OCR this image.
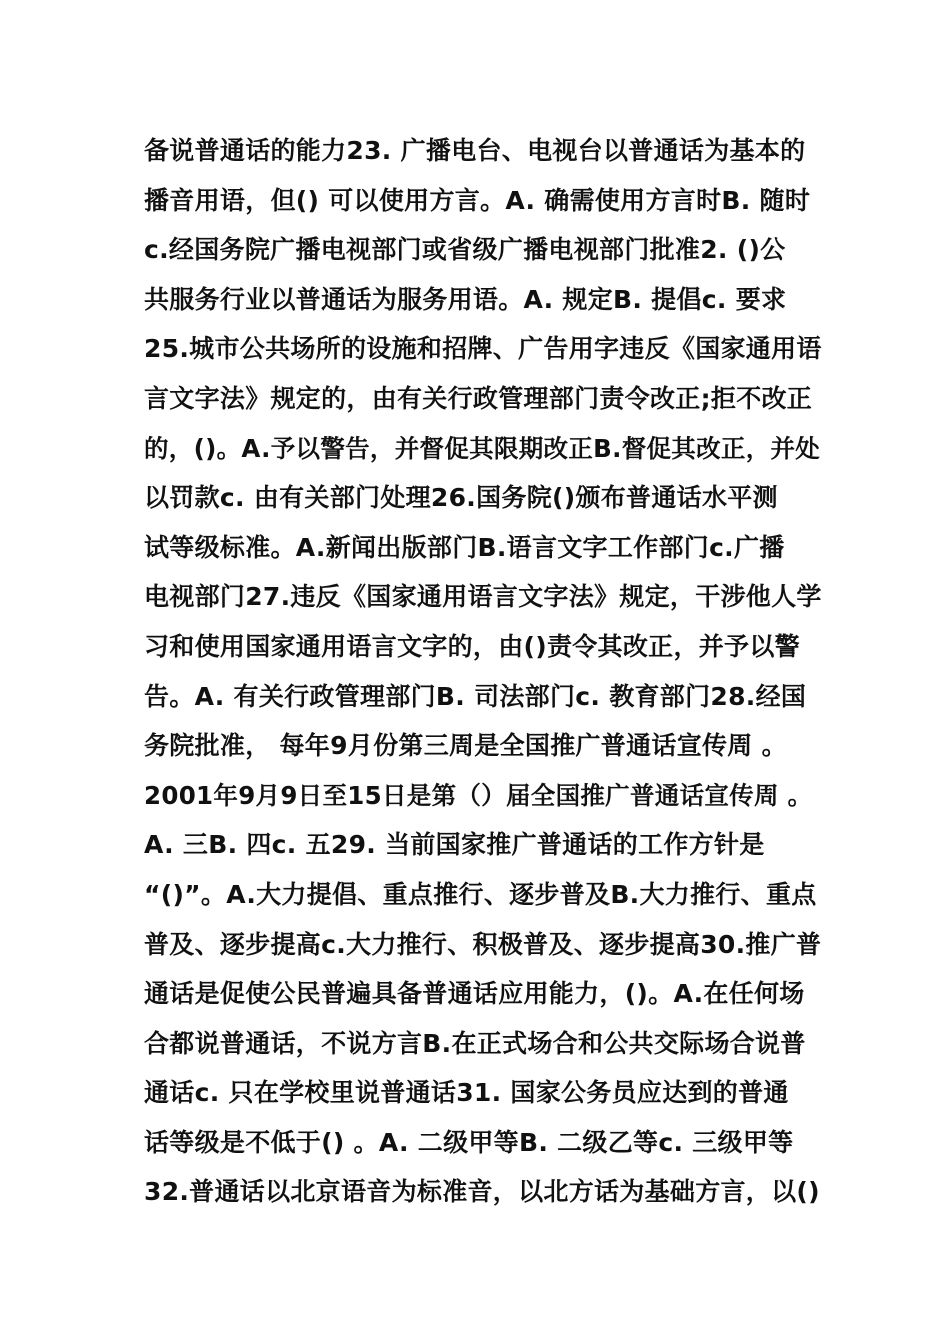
备说普通话的能力23. 广播电台、电视台以普通话为基本的
播音用语，但() 可以使用方言。A. 确需使用方言时B. 随时
c.经国务院广播电视部门或省级广播电视部门批准2. ()公
共服务行业以普通话为服务用语。A. 规定B. 提倡c. 要求
25.城市公共场所的设施和招牌、广告用字违反《国家通用语
言文字法》规定的，由有关行政管理部门责令改正;拒不改正
的，()。A.予以警告，并督促其限期改正B.督促其改正，并处
以罚款c. 由有关部门处理26.国务院()颁布普通话水平测
试等级标准。A.新闻出版部门B.语言文字工作部门c.广播
电视部门27.违反《国家通用语言文字法》规定，干涉他人学
习和使用国家通用语言文字的，由()责令其改正，并予以警
告。A. 有关行政管理部门B. 司法部门c. 教育部门28.经国
务院批准， 每年9月份第三周是全国推广普通话宣传周 。
2001年9月9日至15日是第（）届全国推广普通话宣传周 。
A. 三B. 四c. 五29. 当前国家推广普通话的工作方针是
“()”。A.大力提倡、重点推行、逐步普及B.大力推行、重点
普及、逐步提高c.大力推行、积极普及、逐步提高30.推广普
通话是促使公民普遍具备普通话应用能力，()。A.在任何场
合都说普通话，不说方言B.在正式场合和公共交际场合说普
通话c. 只在学校里说普通话31. 国家公务员应达到的普通
话等级是不低于() 。A. 二级甲等B. 二级乙等c. 三级甲等
32.普通话以北京语音为标准音，以北方话为基础方言，以()
